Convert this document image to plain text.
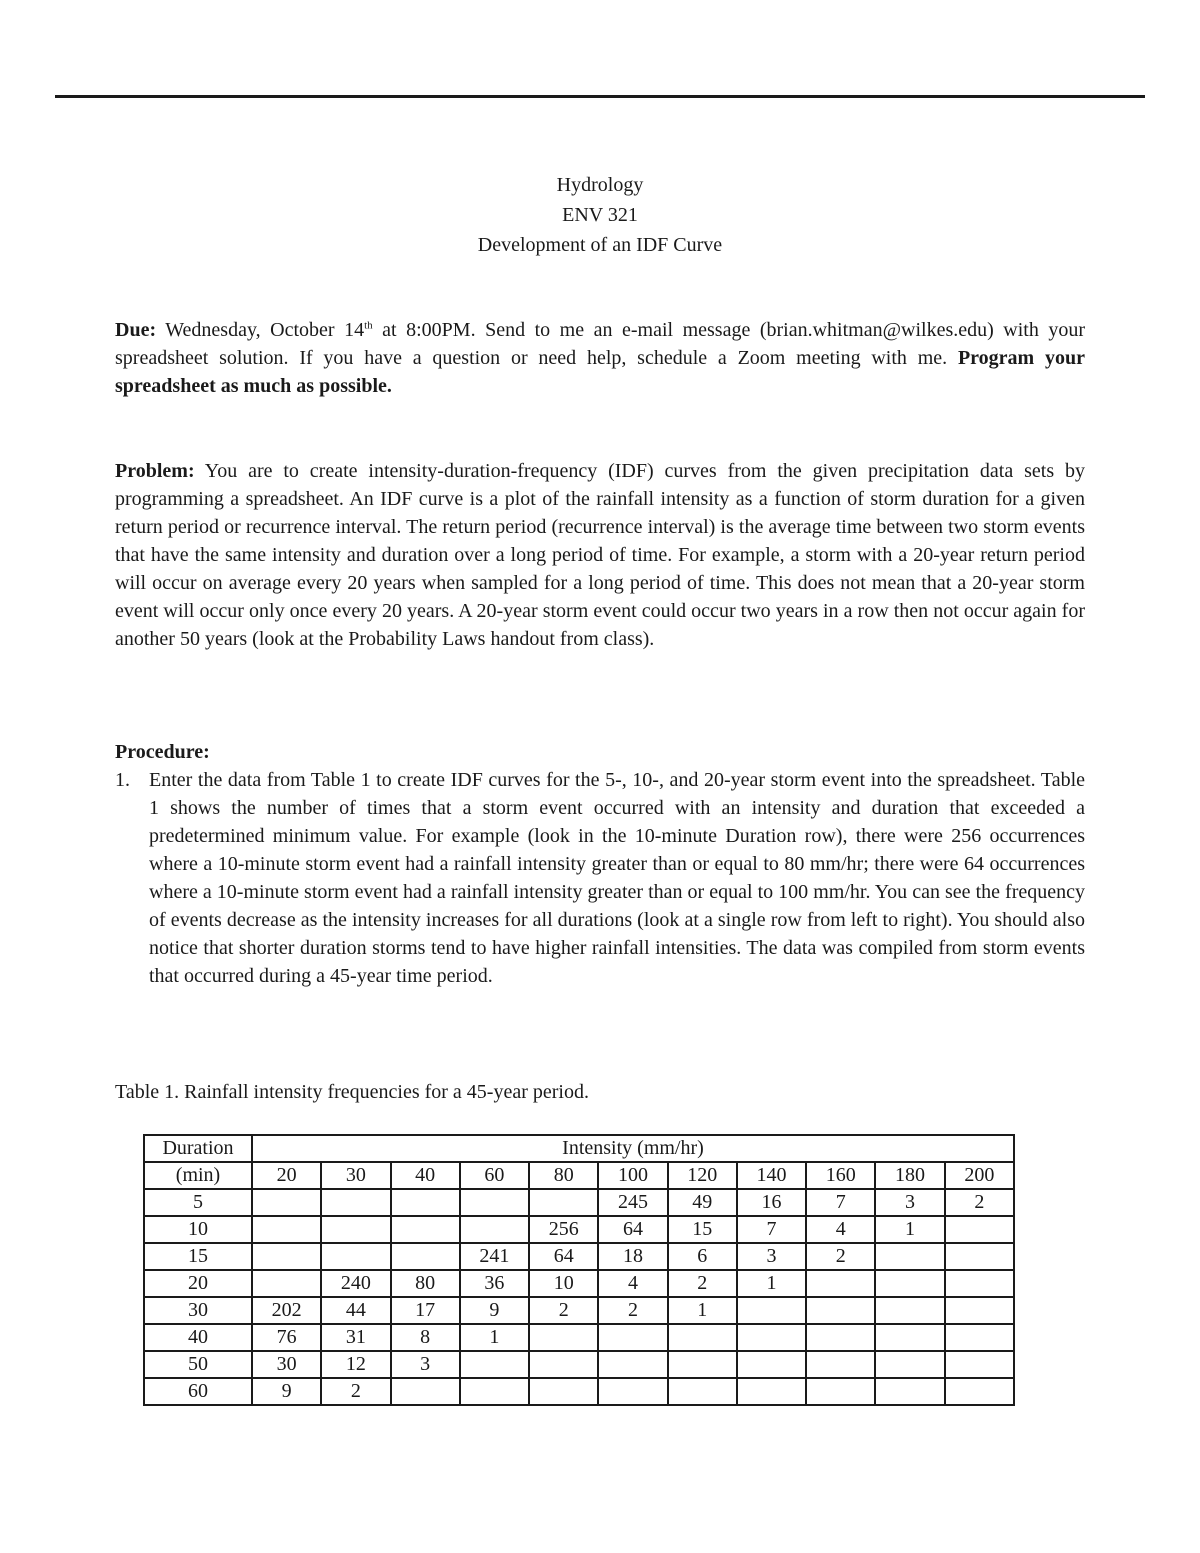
Hydrology
ENV 321
Development of an IDF Curve
Due: Wednesday, October 14th at 8:00PM. Send to me an e-mail message (brian.whitman@wilkes.edu) with your spreadsheet solution. If you have a question or need help, schedule a Zoom meeting with me. Program your spreadsheet as much as possible.
Problem: You are to create intensity-duration-frequency (IDF) curves from the given precipitation data sets by programming a spreadsheet. An IDF curve is a plot of the rainfall intensity as a function of storm duration for a given return period or recurrence interval. The return period (recurrence interval) is the average time between two storm events that have the same intensity and duration over a long period of time. For example, a storm with a 20-year return period will occur on average every 20 years when sampled for a long period of time. This does not mean that a 20-year storm event will occur only once every 20 years. A 20-year storm event could occur two years in a row then not occur again for another 50 years (look at the Probability Laws handout from class).
Procedure:
1. Enter the data from Table 1 to create IDF curves for the 5-, 10-, and 20-year storm event into the spreadsheet. Table 1 shows the number of times that a storm event occurred with an intensity and duration that exceeded a predetermined minimum value. For example (look in the 10-minute Duration row), there were 256 occurrences where a 10-minute storm event had a rainfall intensity greater than or equal to 80 mm/hr; there were 64 occurrences where a 10-minute storm event had a rainfall intensity greater than or equal to 100 mm/hr. You can see the frequency of events decrease as the intensity increases for all durations (look at a single row from left to right). You should also notice that shorter duration storms tend to have higher rainfall intensities. The data was compiled from storm events that occurred during a 45-year time period.
Table 1. Rainfall intensity frequencies for a 45-year period.
Duration	Intensity (mm/hr)										
(min)	20	30	40	60	80	100	120	140	160	180	200
5						245	49	16	7	3	2
10					256	64	15	7	4	1	
15				241	64	18	6	3	2		
20		240	80	36	10	4	2	1			
30	202	44	17	9	2	2	1				
40	76	31	8	1							
50	30	12	3								
60	9	2									
